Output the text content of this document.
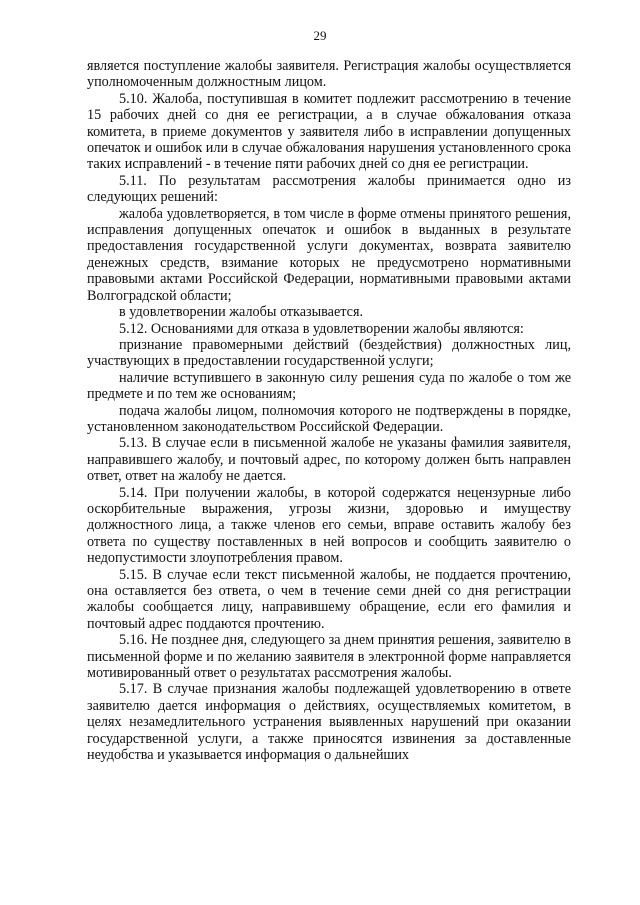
29

является поступление жалобы заявителя. Регистрация жалобы осуществляется уполномоченным должностным лицом.

5.10. Жалоба, поступившая в комитет подлежит рассмотрению в течение 15 рабочих дней со дня ее регистрации, а в случае обжалования отказа комитета, в приеме документов у заявителя либо в исправлении допущенных опечаток и ошибок или в случае обжалования нарушения установленного срока таких исправлений - в течение пяти рабочих дней со дня ее регистрации.

5.11. По результатам рассмотрения жалобы принимается одно из следующих решений:

жалоба удовлетворяется, в том числе в форме отмены принятого решения, исправления допущенных опечаток и ошибок в выданных в результате предоставления государственной услуги документах, возврата заявителю денежных средств, взимание которых не предусмотрено нормативными правовыми актами Российской Федерации, нормативными правовыми актами Волгоградской области;

в удовлетворении жалобы отказывается.

5.12. Основаниями для отказа в удовлетворении жалобы являются:

признание правомерными действий (бездействия) должностных лиц, участвующих в предоставлении государственной услуги;

наличие вступившего в законную силу решения суда по жалобе о том же предмете и по тем же основаниям;

подача жалобы лицом, полномочия которого не подтверждены в порядке, установленном законодательством Российской Федерации.

5.13. В случае если в письменной жалобе не указаны фамилия заявителя, направившего жалобу, и почтовый адрес, по которому должен быть направлен ответ, ответ на жалобу не дается.

5.14. При получении жалобы, в которой содержатся нецензурные либо оскорбительные выражения, угрозы жизни, здоровью и имуществу должностного лица, а также членов его семьи, вправе оставить жалобу без ответа по существу поставленных в ней вопросов и сообщить заявителю о недопустимости злоупотребления правом.

5.15. В случае если текст письменной жалобы, не поддается прочтению, она оставляется без ответа, о чем в течение семи дней со дня регистрации жалобы сообщается лицу, направившему обращение, если его фамилия и почтовый адрес поддаются прочтению.

5.16. Не позднее дня, следующего за днем принятия решения, заявителю в письменной форме и по желанию заявителя в электронной форме направляется мотивированный ответ о результатах рассмотрения жалобы.

5.17. В случае признания жалобы подлежащей удовлетворению в ответе заявителю дается информация о действиях, осуществляемых комитетом, в целях незамедлительного устранения выявленных нарушений при оказании государственной услуги, а также приносятся извинения за доставленные неудобства и указывается информация о дальнейших
